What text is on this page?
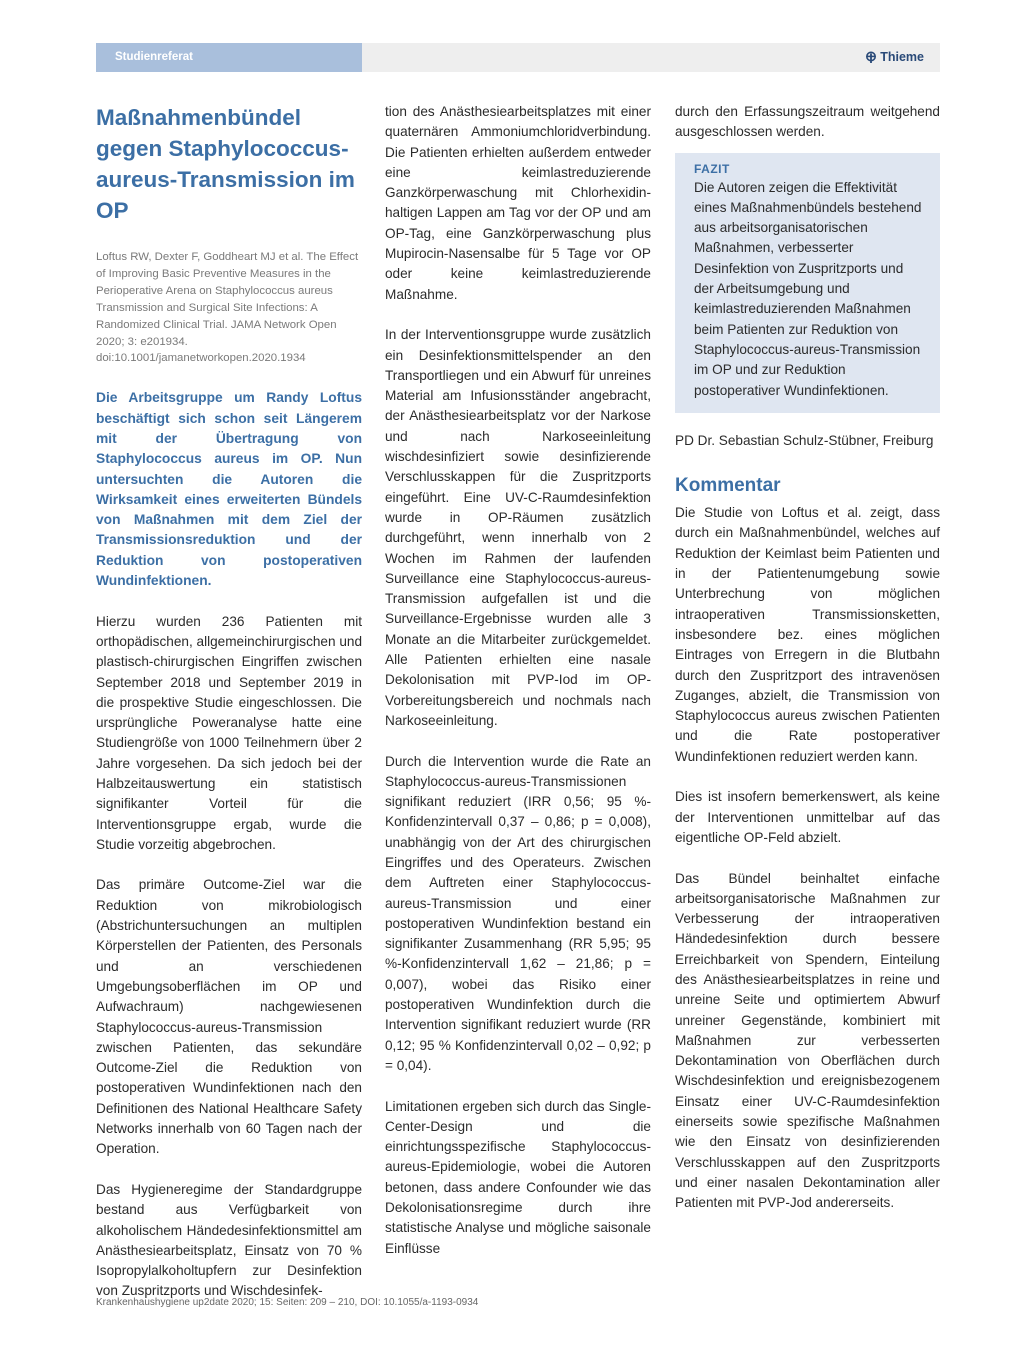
Studienreferat	Thieme
Maßnahmenbündel gegen Staphylococcusaureus-Transmission im OP
Loftus RW, Dexter F, Goddheart MJ et al. The Effect of Improving Basic Preventive Measures in the Perioperative Arena on Staphylococcus aureus Transmission and Surgical Site Infections: A Randomized Clinical Trial. JAMA Network Open 2020; 3: e201934. doi:10.1001/jamanetworkopen.2020.1934

Die Arbeitsgruppe um Randy Loftus beschäftigt sich schon seit Längerem mit der Übertragung von Staphylococcus aureus im OP. Nun untersuchten die Autoren die Wirksamkeit eines erweiterten Bündels von Maßnahmen mit dem Ziel der Transmissionsreduktion und der Reduktion von postoperativen Wundinfektionen.

Hierzu wurden 236 Patienten mit orthopädischen, allgemeinchirurgischen und plastisch-chirurgischen Eingriffen zwischen September 2018 und September 2019 in die prospektive Studie eingeschlossen. Die ursprüngliche Poweranalyse hatte eine Studiengröße von 1000 Teilnehmern über 2 Jahre vorgesehen. Da sich jedoch bei der Halbzeitauswertung ein statistisch signifikanter Vorteil für die Interventionsgruppe ergab, wurde die Studie vorzeitig abgebrochen.

Das primäre Outcome-Ziel war die Reduktion von mikrobiologisch (Abstrichuntersuchungen an multiplen Körperstellen der Patienten, des Personals und an verschiedenen Umgebungsoberflächen im OP und Aufwachraum) nachgewiesenen Staphylococcus-aureus-Transmission zwischen Patienten, das sekundäre Outcome-Ziel die Reduktion von postoperativen Wundinfektionen nach den Definitionen des National Healthcare Safety Networks innerhalb von 60 Tagen nach der Operation.

Das Hygieneregime der Standardgruppe bestand aus Verfügbarkeit von alkoholischem Händedesinfektionsmittel am Anästhesiearbeitsplatz, Einsatz von 70 % Isopropylalkoholtupfern zur Desinfektion von Zuspritzports und Wischdesinfek-

tion des Anästhesiearbeitsplatzes mit einer quaternären Ammoniumchloridverbindung. Die Patienten erhielten außerdem entweder eine keimlastreduzierende Ganzkörperwaschung mit Chlorhexidin-haltigen Lappen am Tag vor der OP und am OP-Tag, eine Ganzkörperwaschung plus Mupirocin-Nasensalbe für 5 Tage vor OP oder keine keimlastreduzierende Maßnahme.

In der Interventionsgruppe wurde zusätzlich ein Desinfektionsmittelspender an den Transportliegen und ein Abwurf für unreines Material am Infusionsständer angebracht, der Anästhesiearbeitsplatz vor der Narkose und nach Narkoseeinleitung wischdesinfiziert sowie desinfizierende Verschlusskappen für die Zuspritzports eingeführt. Eine UV-C-Raumdesinfektion wurde in OP-Räumen zusätzlich durchgeführt, wenn innerhalb von 2 Wochen im Rahmen der laufenden Surveillance eine Staphylococcus-aureus-Transmission aufgefallen ist und die Surveillance-Ergebnisse wurden alle 3 Monate an die Mitarbeiter zurückgemeldet. Alle Patienten erhielten eine nasale Dekolonisation mit PVP-Iod im OP-Vorbereitungsbereich und nochmals nach Narkoseeinleitung.

Durch die Intervention wurde die Rate an Staphylococcus-aureus-Transmissionen signifikant reduziert (IRR 0,56; 95 %-Konfidenzintervall 0,37 – 0,86; p = 0,008), unabhängig von der Art des chirurgischen Eingriffes und des Operateurs. Zwischen dem Auftreten einer Staphylococcus-aureus-Transmission und einer postoperativen Wundinfektion bestand ein signifikanter Zusammenhang (RR 5,95; 95 %-Konfidenzintervall 1,62 – 21,86; p = 0,007), wobei das Risiko einer postoperativen Wundinfektion durch die Intervention signifikant reduziert wurde (RR 0,12; 95 % Konfidenzintervall 0,02 – 0,92; p = 0,04).

Limitationen ergeben sich durch das Single-Center-Design und die einrichtungsspezifische Staphylococcus-aureus-Epidemiologie, wobei die Autoren betonen, dass andere Confounder wie das Dekolonisationsregime durch ihre statistische Analyse und mögliche saisonale Einflüsse

durch den Erfassungszeitraum weitgehend ausgeschlossen werden.

FAZIT
Die Autoren zeigen die Effektivität eines Maßnahmenbündels bestehend aus arbeitsorganisatorischen Maßnahmen, verbesserter Desinfektion von Zuspritzports und der Arbeitsumgebung und keimlastreduzierenden Maßnahmen beim Patienten zur Reduktion von Staphylococcus-aureus-Transmission im OP und zur Reduktion postoperativer Wundinfektionen.

PD Dr. Sebastian Schulz-Stübner, Freiburg

Kommentar

Die Studie von Loftus et al. zeigt, dass durch ein Maßnahmenbündel, welches auf Reduktion der Keimlast beim Patienten und in der Patientenumgebung sowie Unterbrechung von möglichen intraoperativen Transmissionsketten, insbesondere bez. eines möglichen Eintrages von Erregern in die Blutbahn durch den Zuspritzport des intravenösen Zuganges, abzielt, die Transmission von Staphylococcus aureus zwischen Patienten und die Rate postoperativer Wundinfektionen reduziert werden kann.

Dies ist insofern bemerkenswert, als keine der Interventionen unmittelbar auf das eigentliche OP-Feld abzielt.

Das Bündel beinhaltet einfache arbeitsorganisatorische Maßnahmen zur Verbesserung der intraoperativen Händedesinfektion durch bessere Erreichbarkeit von Spendern, Einteilung des Anästhesiearbeitsplatzes in reine und unreine Seite und optimiertem Abwurf unreiner Gegenstände, kombiniert mit Maßnahmen zur verbesserten Dekontamination von Oberflächen durch Wischdesinfektion und ereignisbezogenem Einsatz einer UV-C-Raumdesinfektion einerseits sowie spezifische Maßnahmen wie den Einsatz von desinfizierenden Verschlusskappen auf den Zuspritzports und einer nasalen Dekontamination aller Patienten mit PVP-Jod andererseits.

Krankenhaushygiene up2date 2020; 15: Seiten: 209 – 210, DOI: 10.1055/a-1193-0934
